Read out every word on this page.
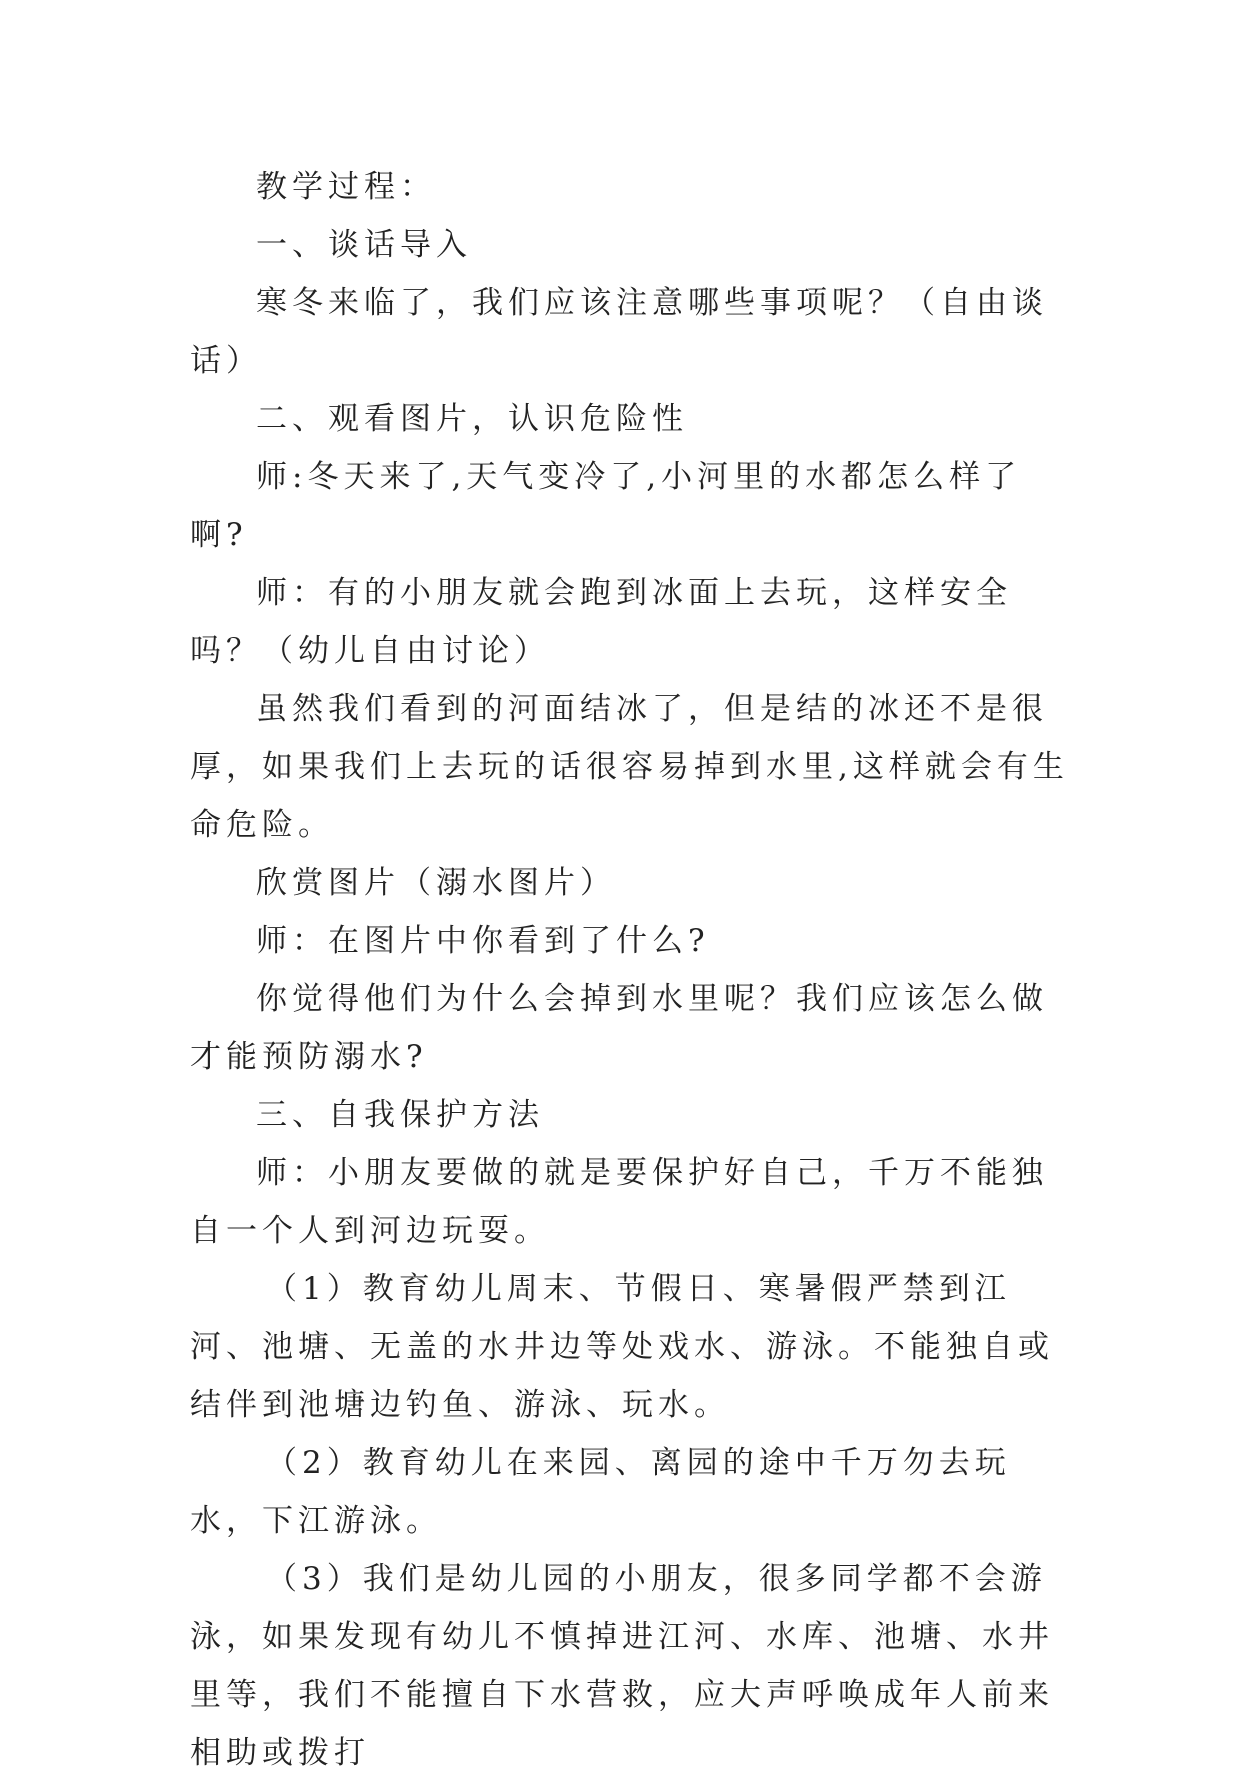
教学过程：

一、谈话导入

寒冬来临了，我们应该注意哪些事项呢？（自由谈话）

二、观看图片，认识危险性

师:冬天来了,天气变冷了,小河里的水都怎么样了啊?

师：有的小朋友就会跑到冰面上去玩，这样安全吗？（幼儿自由讨论）

虽然我们看到的河面结冰了，但是结的冰还不是很厚，如果我们上去玩的话很容易掉到水里,这样就会有生命危险。

欣赏图片（溺水图片）

师：在图片中你看到了什么?

你觉得他们为什么会掉到水里呢？我们应该怎么做才能预防溺水?

三、自我保护方法

师：小朋友要做的就是要保护好自己，千万不能独自一个人到河边玩耍。

（1）教育幼儿周末、节假日、寒暑假严禁到江河、池塘、无盖的水井边等处戏水、游泳。不能独自或结伴到池塘边钓鱼、游泳、玩水。

（2）教育幼儿在来园、离园的途中千万勿去玩水，下江游泳。

（3）我们是幼儿园的小朋友，很多同学都不会游泳，如果发现有幼儿不慎掉进江河、水库、池塘、水井里等，我们不能擅自下水营救，应大声呼唤成年人前来相助或拨打
